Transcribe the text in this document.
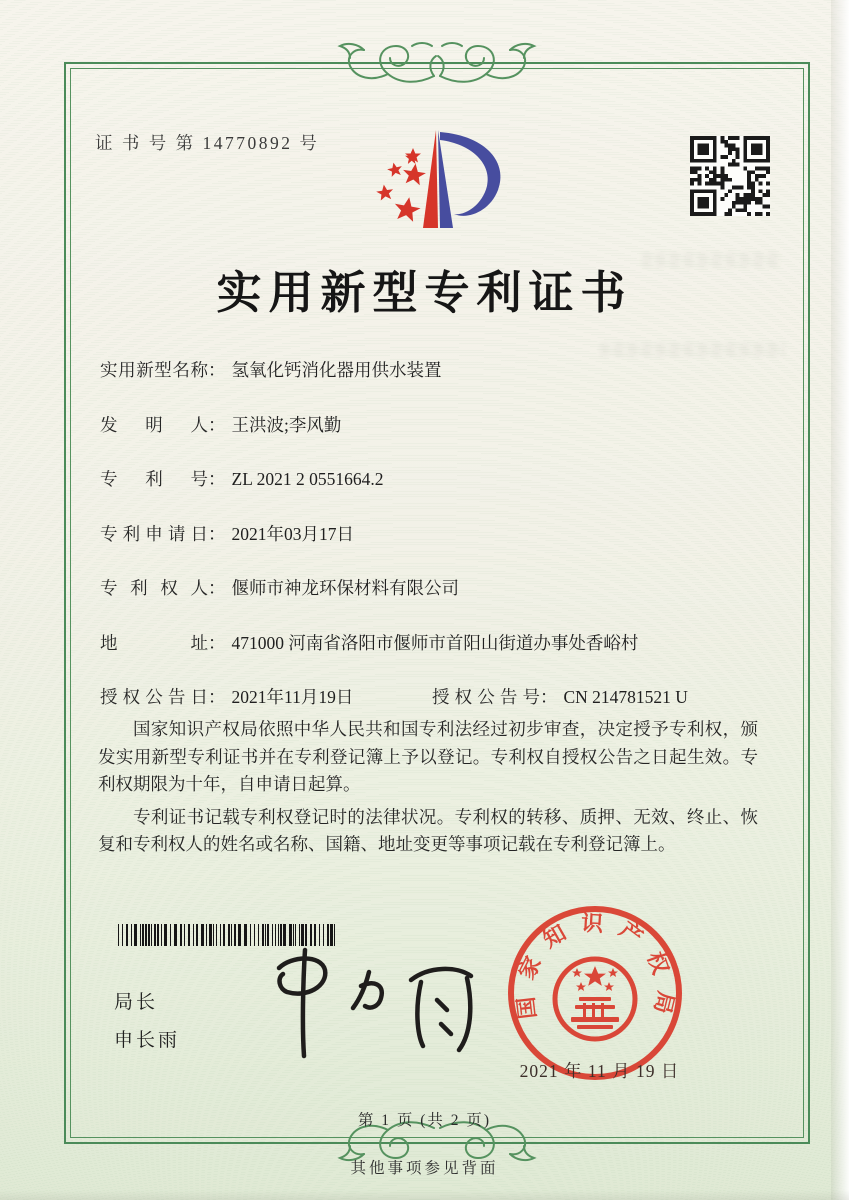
证 书 号 第 14770892 号
实用新型专利证书
实用新型名称： 氢氧化钙消化器用供水装置
发明人： 王洪波;李风勤
专利号： ZL 2021 2 0551664.2
专利申请日： 2021年03月17日
专利权人： 偃师市神龙环保材料有限公司
地址： 471000 河南省洛阳市偃师市首阳山街道办事处香峪村
授权公告日： 2021年11月19日	授权公告号： CN 214781521 U

国家知识产权局依照中华人民共和国专利法经过初步审查，决定授予专利权，颁发实用新型专利证书并在专利登记簿上予以登记。专利权自授权公告之日起生效。专利权期限为十年，自申请日起算。

专利证书记载专利权登记时的法律状况。专利权的转移、质押、无效、终止、恢复和专利权人的姓名或名称、国籍、地址变更等事项记载在专利登记簿上。

局长
申长雨
国家知识产权局
2021 年 11 月 19 日
第 1 页 (共 2 页)
其他事项参见背面
